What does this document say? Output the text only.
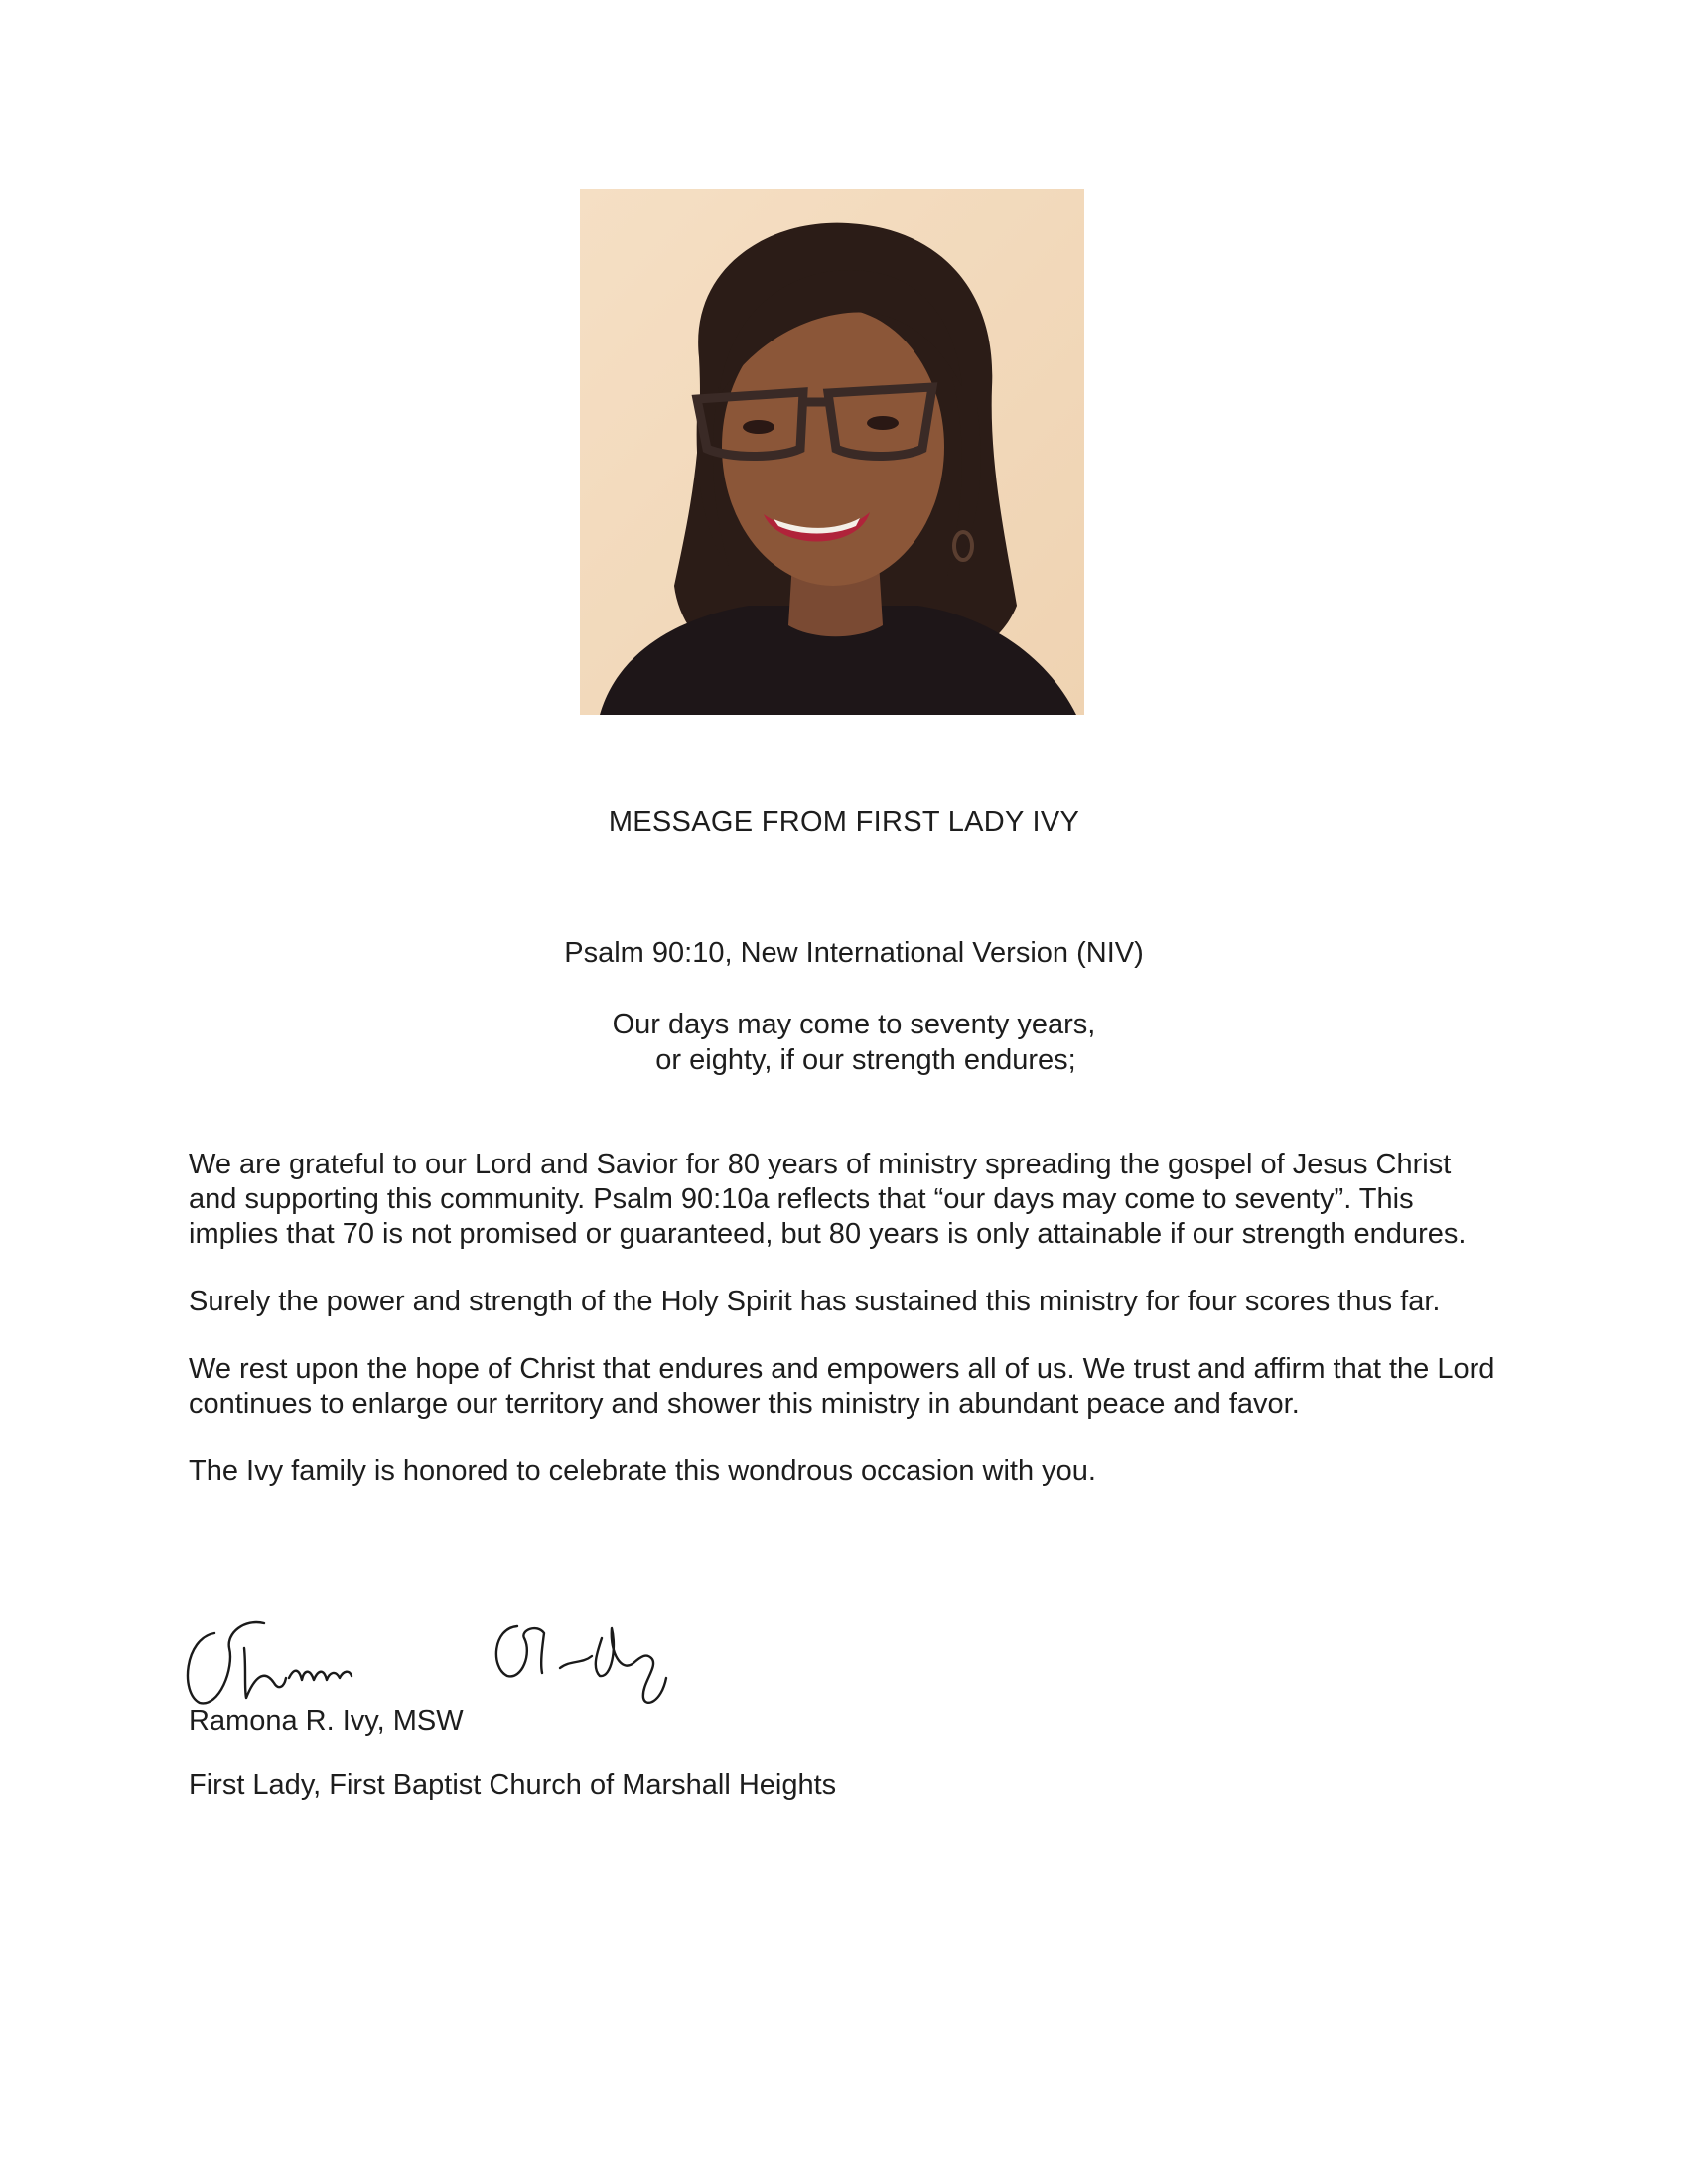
MESSAGE FROM FIRST LADY IVY
Psalm 90:10, New International Version (NIV)
Our days may come to seventy years,
or eighty, if our strength endures;

We are grateful to our Lord and Savior for 80 years of ministry spreading the gospel of Jesus Christ and supporting this community. Psalm 90:10a reflects that “our days may come to seventy”. This implies that 70 is not promised or guaranteed, but 80 years is only attainable if our strength endures.

Surely the power and strength of the Holy Spirit has sustained this ministry for four scores thus far.

We rest upon the hope of Christ that endures and empowers all of us. We trust and affirm that the Lord continues to enlarge our territory and shower this ministry in abundant peace and favor.

The Ivy family is honored to celebrate this wondrous occasion with you.

Ramona R. Ivy, MSW
First Lady, First Baptist Church of Marshall Heights
